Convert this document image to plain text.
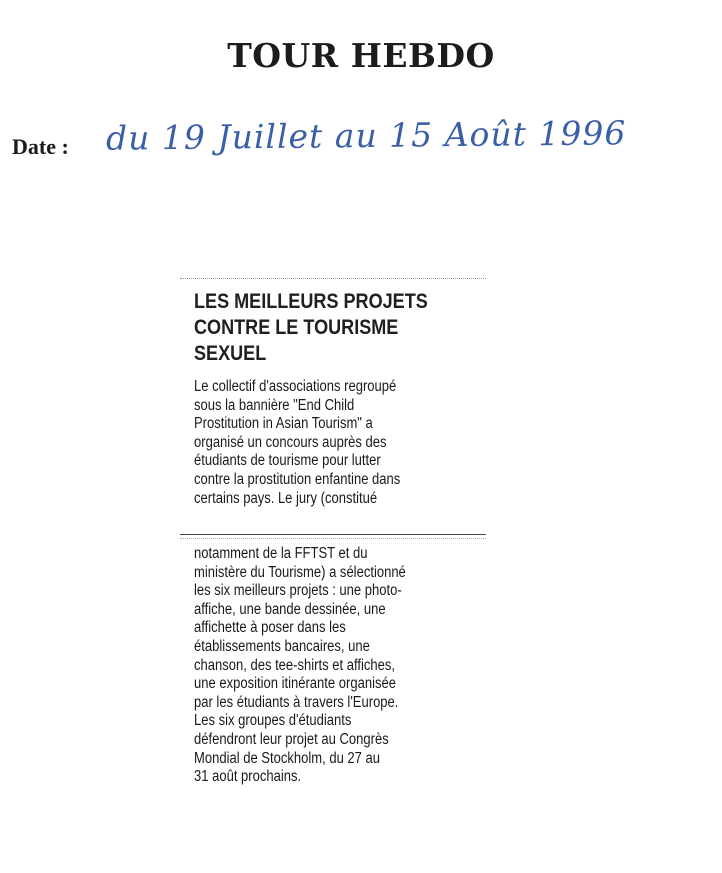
TOUR HEBDO
Date : du 19 Juillet au 15 Août 1996
LES MEILLEURS PROJETS
CONTRE LE TOURISME
SEXUEL
Le collectif d'associations regroupé
sous la bannière "End Child
Prostitution in Asian Tourism" a
organisé un concours auprès des
étudiants de tourisme pour lutter
contre la prostitution enfantine dans
certains pays. Le jury (constitué
notamment de la FFTST et du
ministère du Tourisme) a sélectionné
les six meilleurs projets : une photo-
affiche, une bande dessinée, une
affichette à poser dans les
établissements bancaires, une
chanson, des tee-shirts et affiches,
une exposition itinérante organisée
par les étudiants à travers l'Europe.
Les six groupes d'étudiants
défendront leur projet au Congrès
Mondial de Stockholm, du 27 au
31 août prochains.
